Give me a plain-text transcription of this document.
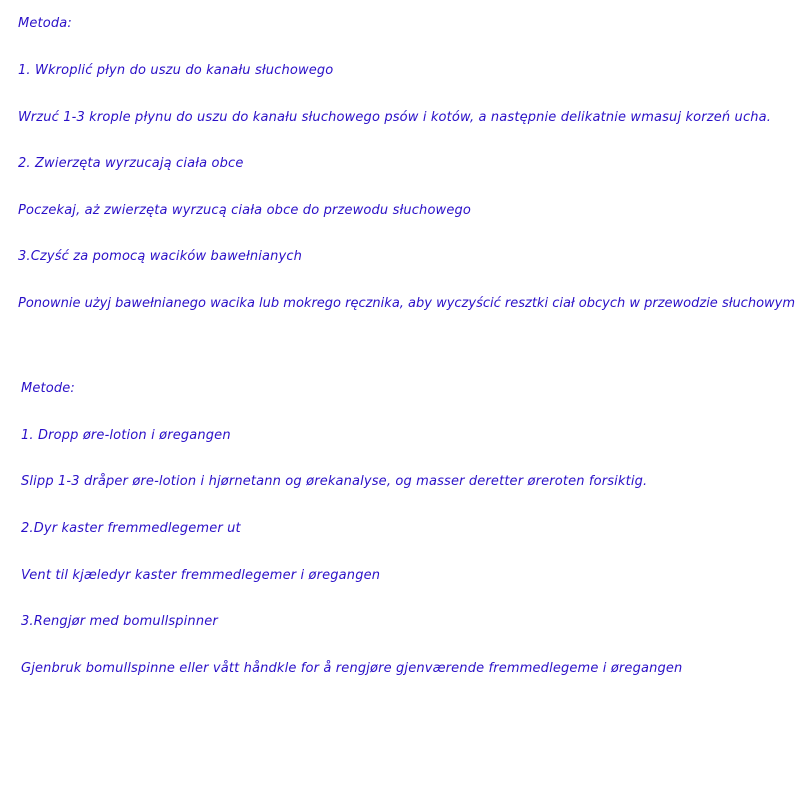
Metoda:
1. Wkroplić płyn do uszu do kanału słuchowego
Wrzuć 1-3 krople płynu do uszu do kanału słuchowego psów i kotów, a następnie delikatnie wmasuj korzeń ucha.
2. Zwierzęta wyrzucają ciała obce
Poczekaj, aż zwierzęta wyrzucą ciała obce do przewodu słuchowego
3.Czyść za pomocą wacików bawełnianych
Ponownie użyj bawełnianego wacika lub mokrego ręcznika, aby wyczyścić resztki ciał obcych w przewodzie słuchowym
Metode:
1. Dropp øre-lotion i øregangen
Slipp 1-3 dråper øre-lotion i hjørnetann og ørekanalyse, og masser deretter øreroten forsiktig.
2.Dyr kaster fremmedlegemer ut
Vent til kjæledyr kaster fremmedlegemer i øregangen
3.Rengjør med bomullspinner
Gjenbruk bomullspinne eller vått håndkle for å rengjøre gjenværende fremmedlegeme i øregangen
